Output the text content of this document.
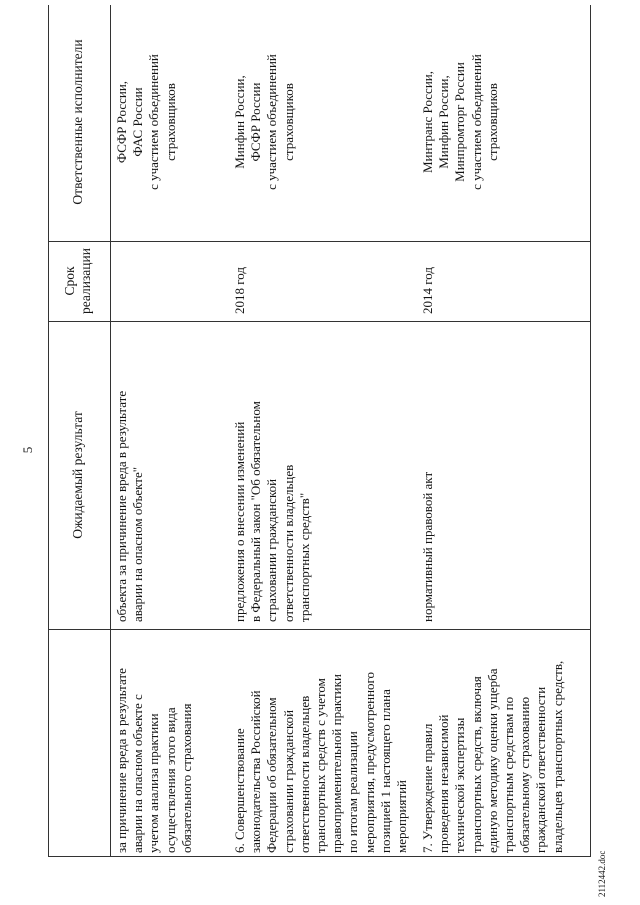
5	Ожидаемый результат
Срок реализации
Ответственные исполнители
за причинение вреда в результате аварии на опасном объекте с учетом анализа практики осуществления этого вида обязательного страхования
объекта за причинение вреда в результате аварии на опасном объекте"
ФСФР России, ФАС России с участием объединений страховщиков
6. Совершенствование законодательства Российской Федерации об обязательном страховании гражданской ответственности владельцев транспортных средств с учетом правоприменительной практики по итогам реализации мероприятия, предусмотренного позицией 1 настоящего плана мероприятий
предложения о внесении изменений в Федеральный закон "Об обязательном страховании гражданской ответственности владельцев транспортных средств"
2018 год
Минфин России, ФСФР России с участием объединений страховщиков
7. Утверждение правил проведения независимой технической экспертизы транспортных средств, включая единую методику оценки ущерба транспортным средствам по обязательному страхованию гражданской ответственности владельцев транспортных средств,
нормативный правовой акт
2014 год
Минтранс России, Минфин России, Минпромторг России с участием объединений страховщиков
2112442.doc
